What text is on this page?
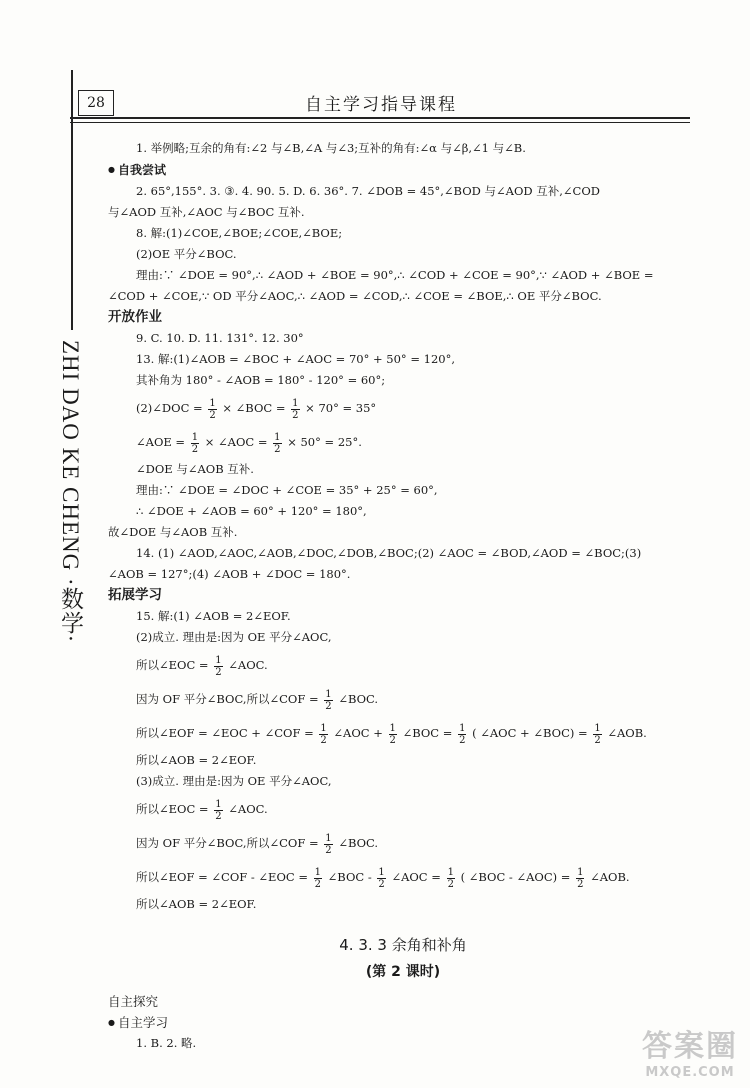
28	自主学习指导课程
ZHI DAO KE CHENG ·数学·
1. 举例略;互余的角有:∠2 与∠B,∠A 与∠3;互补的角有:∠α 与∠β,∠1 与∠B.
● 自我尝试
2. 65°,155°. 3. ③. 4. 90. 5. D. 6. 36°. 7. ∠DOB = 45°,∠BOD 与∠AOD 互补,∠COD
与∠AOD 互补,∠AOC 与∠BOC 互补.
8. 解:(1)∠COE,∠BOE;∠COE,∠BOE;
(2)OE 平分∠BOC.
理由:∵ ∠DOE = 90°,∴ ∠AOD + ∠BOE = 90°,∴ ∠COD + ∠COE = 90°,∵ ∠AOD + ∠BOE =
∠COD + ∠COE,∵ OD 平分∠AOC,∴ ∠AOD = ∠COD,∴ ∠COE = ∠BOE,∴ OE 平分∠BOC.
开放作业
9. C. 10. D. 11. 131°. 12. 30°
13. 解:(1)∠AOB = ∠BOC + ∠AOC = 70° + 50° = 120°,
其补角为 180° - ∠AOB = 180° - 120° = 60°;
(2)∠DOC = $\frac{1}{2}$ × ∠BOC = $\frac{1}{2} \times 70^\circ = 35^\circ$
∠AOE = $\frac{1}{2}$ × ∠AOC = $\frac{1}{2} \times 50^\circ = 25^\circ$.
∠DOE 与∠AOB 互补.
理由:∵ ∠DOE = ∠DOC + ∠COE = 35° + 25° = 60°,
∴ ∠DOE + ∠AOB = 60° + 120° = 180°,
故∠DOE 与∠AOB 互补.
14. (1) ∠AOD,∠AOC,∠AOB,∠DOC,∠DOB,∠BOC;(2) ∠AOC = ∠BOD,∠AOD = ∠BOC;(3)
∠AOB = 127°;(4) ∠AOB + ∠DOC = 180°.
拓展学习
15. 解:(1) ∠AOB = 2∠EOF.
(2)成立. 理由是:因为 OE 平分∠AOC,
所以∠EOC = $\frac{1}{2}$ ∠AOC.
因为 OF 平分∠BOC,所以∠COF = $\frac{1}{2}$ ∠BOC.
所以∠EOF = ∠EOC + ∠COF = $\frac{1}{2}$ ∠AOC + $\frac{1}{2}$ ∠BOC = $\frac{1}{2}$ ( ∠AOC + ∠BOC) = $\frac{1}{2}$ ∠AOB.
所以∠AOB = 2∠EOF.
(3)成立. 理由是:因为 OE 平分∠AOC,
所以∠EOC = $\frac{1}{2}$ ∠AOC.
因为 OF 平分∠BOC,所以∠COF = $\frac{1}{2}$ ∠BOC.
所以∠EOF = ∠COF - ∠EOC = $\frac{1}{2}$ ∠BOC - $\frac{1}{2}$ ∠AOC = $\frac{1}{2}$ ( ∠BOC - ∠AOC) = $\frac{1}{2}$ ∠AOB.
所以∠AOB = 2∠EOF.
4. 3. 3 余角和补角
(第 2 课时)
自主探究
● 自主学习
1. B. 2. 略.	答案圈
MXQE.COM
